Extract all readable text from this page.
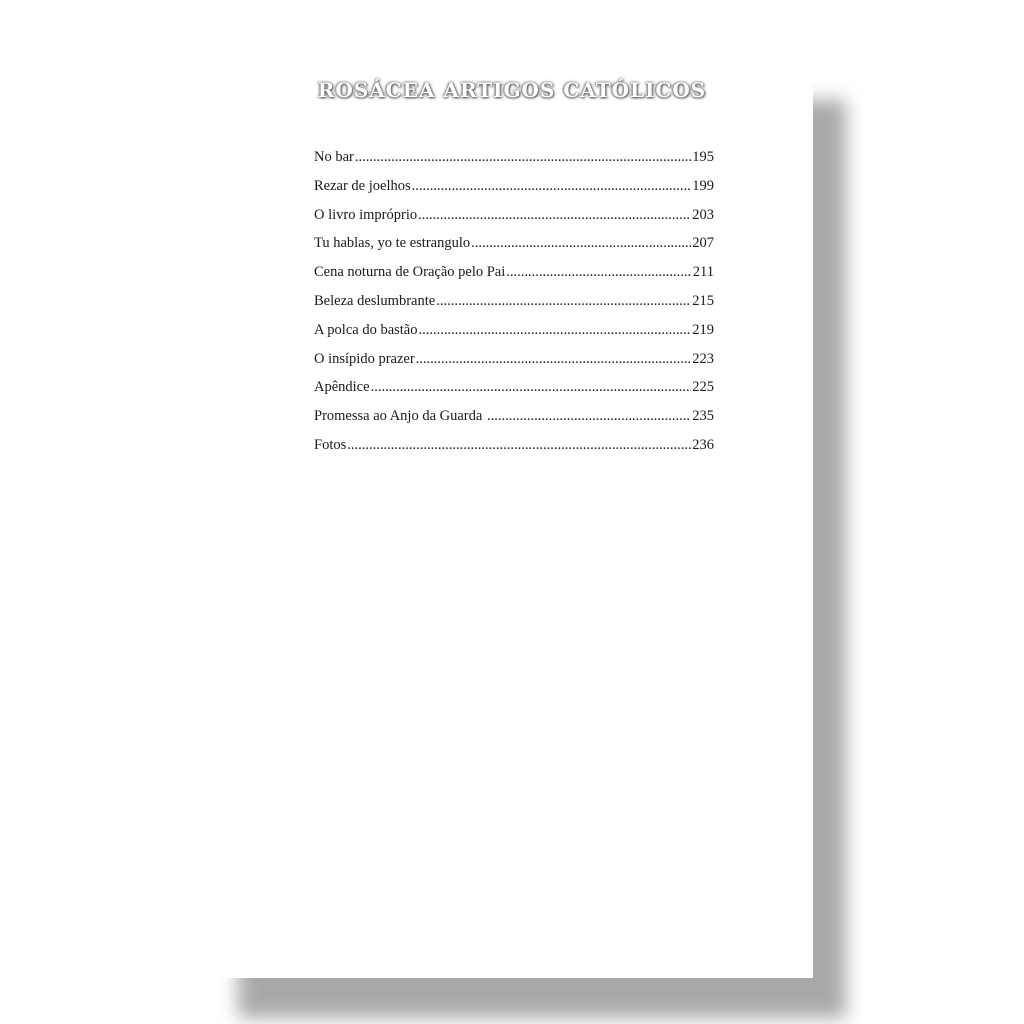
ROSÁCEA ARTIGOS CATÓLICOS
No bar .....	195
Rezar de joelhos .....	199
O livro impróprio .....	203
Tu hablas, yo te estrangulo .....	207
Cena noturna de Oração pelo Pai .....	211
Beleza deslumbrante .....	215
A polca do bastão .....	219
O insípido prazer .....	223
Apêndice .....	225
Promessa ao Anjo da Guarda .....	235
Fotos .....	236
